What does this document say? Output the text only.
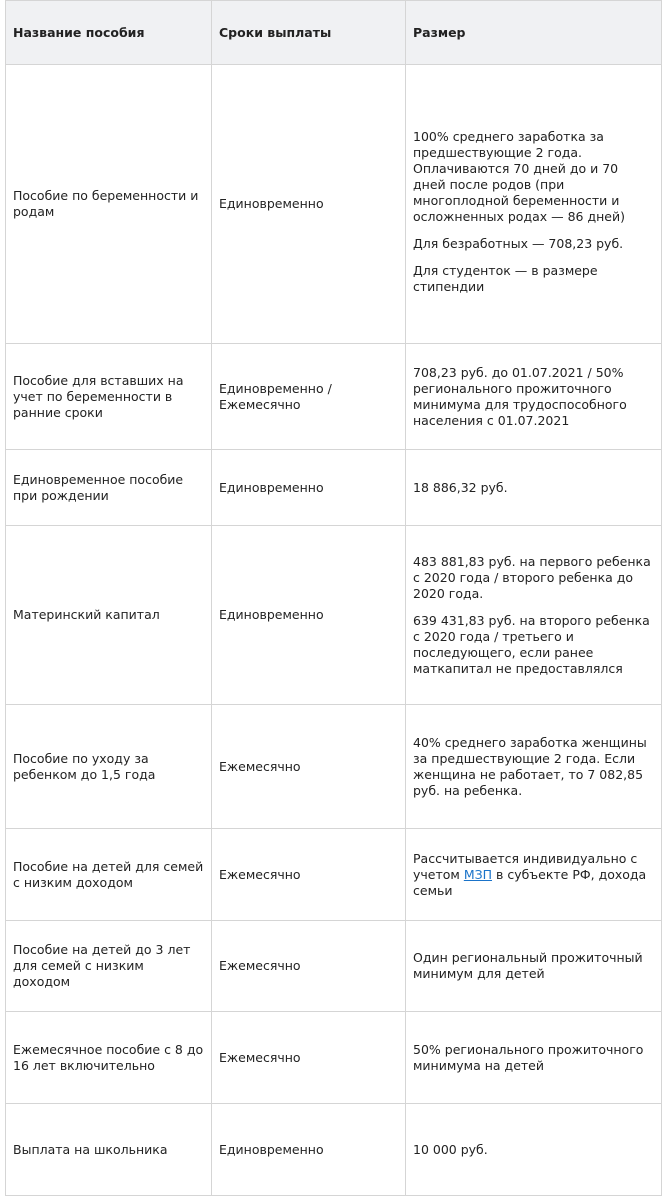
Название пособия	Сроки выплаты	Размер
Пособие по беременности и родам	Единовременно	100% среднего заработка за предшествующие 2 года. Оплачиваются 70 дней до и 70 дней после родов (при многоплодной беременности и осложненных родах — 86 дней)

Для безработных — 708,23 руб.

Для студенток — в размере стипендии

Пособие для вставших на учет по беременности в ранние сроки	Единовременно / Ежемесячно	708,23 руб. до 01.07.2021 / 50% регионального прожиточного минимума для трудоспособного населения с 01.07.2021

Единовременное пособие при рождении	Единовременно	18 886,32 руб.

Материнский капитал	Единовременно	483 881,83 руб. на первого ребенка с 2020 года / второго ребенка до 2020 года.

639 431,83 руб. на второго ребенка с 2020 года / третьего и последующего, если ранее маткапитал не предоставлялся

Пособие по уходу за ребенком до 1,5 года	Ежемесячно	40% среднего заработка женщины за предшествующие 2 года. Если женщина не работает, то 7 082,85 руб. на ребенка.

Пособие на детей для семей с низким доходом	Ежемесячно	Рассчитывается индивидуально с учетом МЗП в субъекте РФ, дохода семьи
Пособие на детей до 3 лет для семей с низким доходом	Ежемесячно	Один региональный прожиточный минимум для детей

Ежемесячное пособие с 8 до 16 лет включительно	Ежемесячно	50% регионального прожиточного минимума на детей

Выплата на школьника	Единовременно	10 000 руб.
